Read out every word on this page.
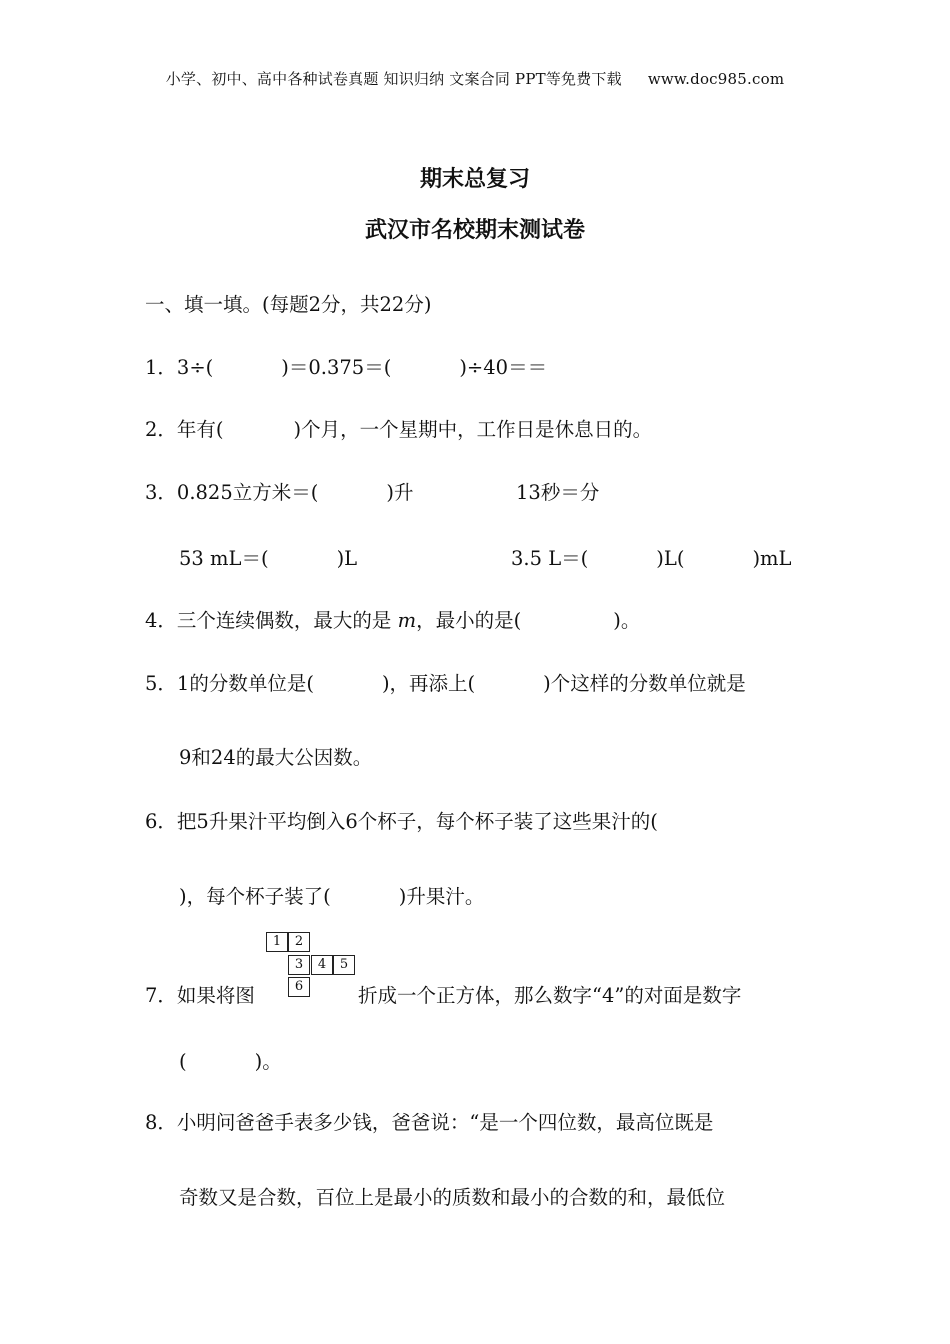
小学、初中、高中各种试卷真题 知识归纳 文案合同 PPT等免费下载 www.doc985.com
期末总复习
武汉市名校期末测试卷
一、填一填。(每题2分，共22分)
1．3÷(	)＝0.375＝(	)÷40＝＝
2．年有(	)个月，一个星期中，工作日是休息日的。
3．0.825立方米＝(	)升	13秒＝分
53 mL＝(	)L	3.5 L＝(	)L(	)mL
4．三个连续偶数，最大的是 m，最小的是(	)。
5．1的分数单位是(	)，再添上(	)个这样的分数单位就是
9和24的最大公因数。
6．把5升果汁平均倒入6个杯子，每个杯子装了这些果汁的(
)，每个杯子装了(	)升果汁。
1	2
3	4	5
6
7．如果将图	折成一个正方体，那么数字“4”的对面是数字
(	)。
8．小明问爸爸手表多少钱，爸爸说：“是一个四位数，最高位既是
奇数又是合数，百位上是最小的质数和最小的合数的和，最低位
